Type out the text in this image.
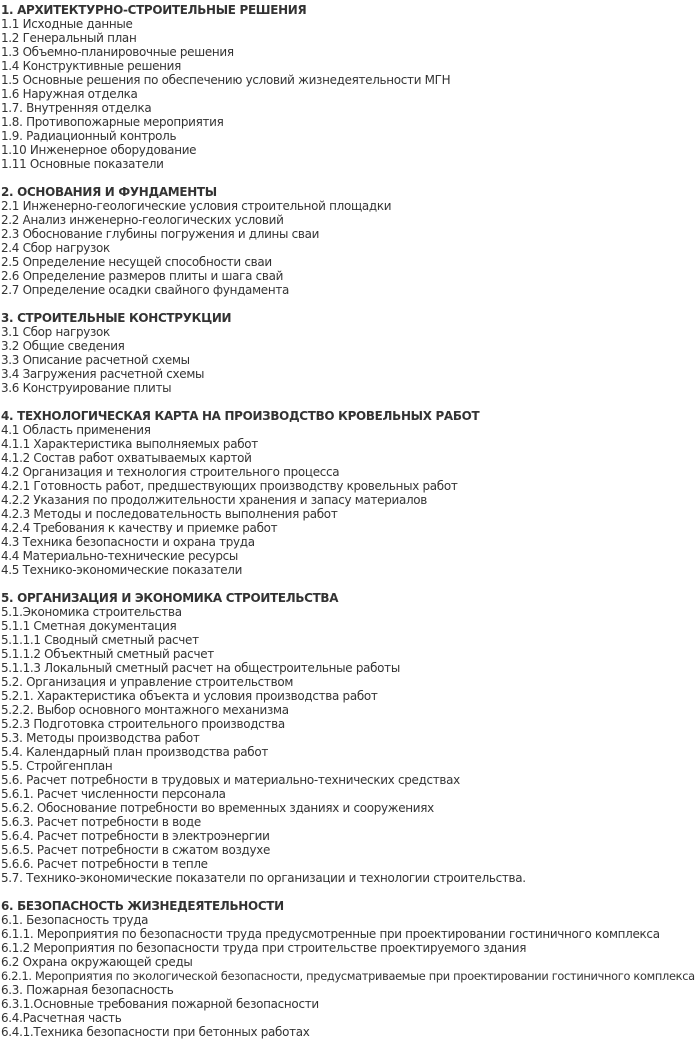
1. АРХИТЕКТУРНО-СТРОИТЕЛЬНЫЕ РЕШЕНИЯ
1.1 Исходные данные
1.2 Генеральный план
1.3 Объемно-планировочные решения
1.4 Конструктивные решения
1.5 Основные решения по обеспечению условий жизнедеятельности МГН
1.6 Наружная отделка
1.7. Внутренняя отделка
1.8. Противопожарные мероприятия
1.9. Радиационный контроль
1.10 Инженерное оборудование
1.11 Основные показатели
2. ОСНОВАНИЯ И ФУНДАМЕНТЫ
2.1 Инженерно-геологические условия строительной площадки
2.2 Анализ инженерно-геологических условий
2.3 Обоснование глубины погружения и длины сваи
2.4 Сбор нагрузок
2.5 Определение несущей способности сваи
2.6 Определение размеров плиты и шага свай
2.7 Определение осадки свайного фундамента
3. СТРОИТЕЛЬНЫЕ КОНСТРУКЦИИ
3.1 Сбор нагрузок
3.2 Общие сведения
3.3 Описание расчетной схемы
3.4 Загружения расчетной схемы
3.6 Конструирование плиты
4. ТЕХНОЛОГИЧЕСКАЯ КАРТА НА ПРОИЗВОДСТВО КРОВЕЛЬНЫХ РАБОТ
4.1 Область применения
4.1.1 Характеристика выполняемых работ
4.1.2 Состав работ охватываемых картой
4.2 Организация и технология строительного процесса
4.2.1 Готовность работ, предшествующих производству кровельных работ
4.2.2 Указания по продолжительности хранения и запасу материалов
4.2.3 Методы и последовательность выполнения работ
4.2.4 Требования к качеству и приемке работ
4.3 Техника безопасности и охрана труда
4.4 Материально-технические ресурсы
4.5 Технико-экономические показатели
5. ОРГАНИЗАЦИЯ И ЭКОНОМИКА СТРОИТЕЛЬСТВА
5.1.Экономика строительства
5.1.1 Сметная документация
5.1.1.1 Сводный сметный расчет
5.1.1.2 Объектный сметный расчет
5.1.1.3 Локальный сметный расчет на общестроительные работы
5.2. Организация и управление строительством
5.2.1. Характеристика объекта и условия производства работ
5.2.2. Выбор основного монтажного механизма
5.2.3 Подготовка строительного производства
5.3. Методы производства работ
5.4. Календарный план производства работ
5.5. Стройгенплан
5.6. Расчет потребности в трудовых и материально-технических средствах
5.6.1. Расчет численности персонала
5.6.2. Обоснование потребности во временных зданиях и сооружениях
5.6.3. Расчет потребности в воде
5.6.4. Расчет потребности в электроэнергии
5.6.5. Расчет потребности в сжатом воздухе
5.6.6. Расчет потребности в тепле
5.7. Технико-экономические показатели по организации и технологии строительства.
6. БЕЗОПАСНОСТЬ ЖИЗНЕДЕЯТЕЛЬНОСТИ
6.1. Безопасность труда
6.1.1. Мероприятия по безопасности труда предусмотренные при проектировании гостиничного комплекса
6.1.2 Мероприятия по безопасности труда при строительстве проектируемого здания
6.2 Охрана окружающей среды
6.2.1. Мероприятия по экологической безопасности, предусматриваемые при проектировании гостиничного комплекса
6.3. Пожарная безопасность
6.3.1.Основные требования пожарной безопасности
6.4.Расчетная часть
6.4.1.Техника безопасности при бетонных работах
